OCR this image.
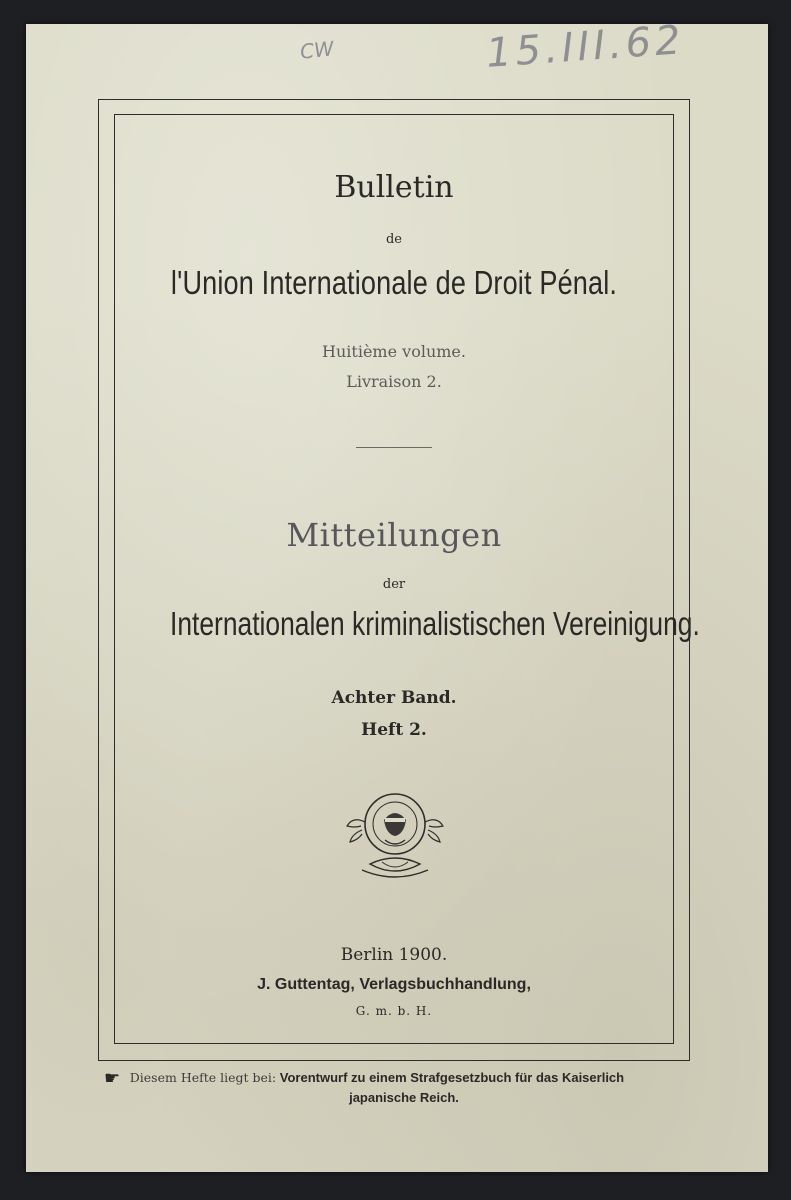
CW	15.III.62
Bulletin
de
l'Union Internationale de Droit Pénal.
Huitième volume.
Livraison 2.
Mitteilungen
der
Internationalen kriminalistischen Vereinigung.
Achter Band.
Heft 2.
Berlin 1900.
J. Guttentag, Verlagsbuchhandlung,
G. m. b. H.
☛ Diesem Hefte liegt bei: Vorentwurf zu einem Strafgesetzbuch für das Kaiserlich
japanische Reich.
